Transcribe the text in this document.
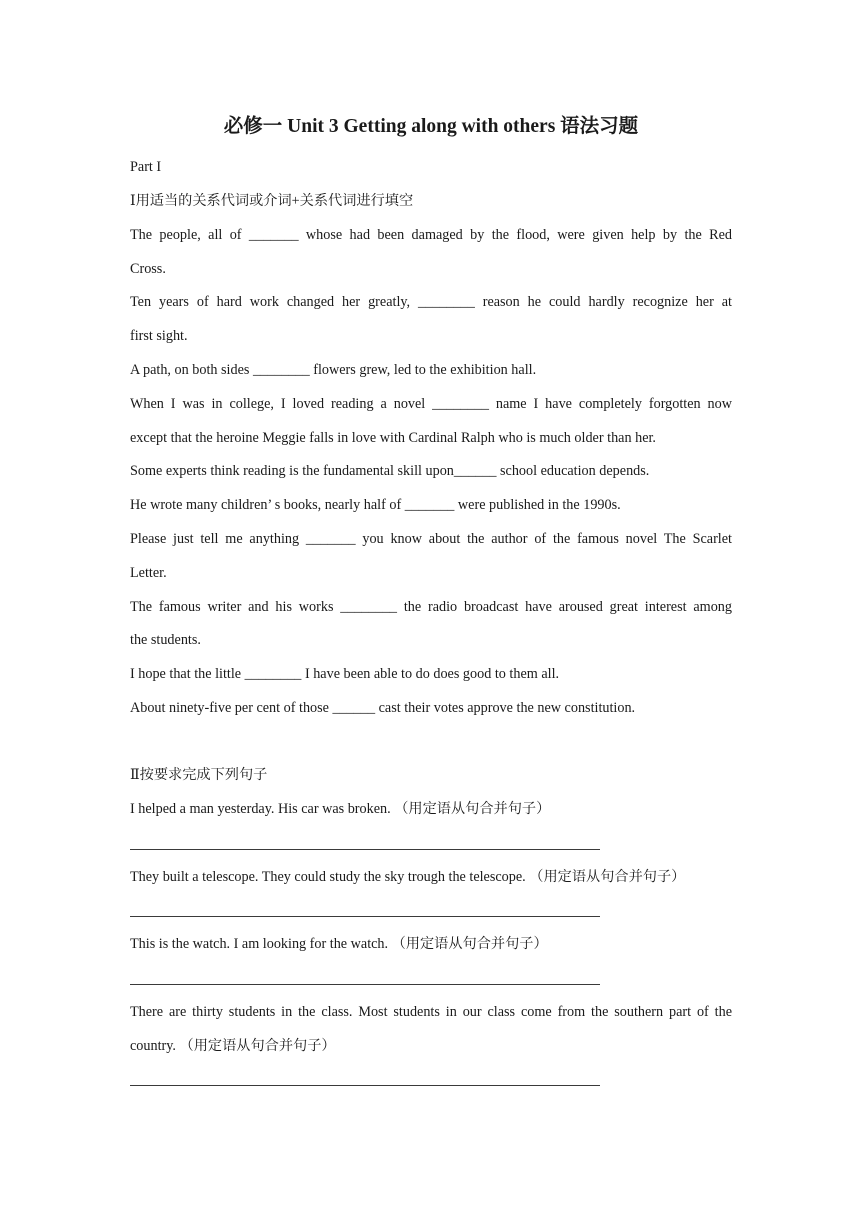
必修一 Unit 3 Getting along with others 语法习题
Part I
Ⅰ用适当的关系代词或介词+关系代词进行填空
The people, all of _______ whose had been damaged by the flood, were given help by the Red
Cross.
Ten years of hard work changed her greatly, ________ reason he could hardly recognize her at
first sight.
A path, on both sides ________ flowers grew, led to the exhibition hall.
When I was in college, I loved reading a novel ________ name I have completely forgotten now
except that the heroine Meggie falls in love with Cardinal Ralph who is much older than her.
Some experts think reading is the fundamental skill upon______ school education depends.
He wrote many children’ s books, nearly half of _______ were published in the 1990s.
Please just tell me anything _______ you know about the author of the famous novel The Scarlet
Letter.
The famous writer and his works ________ the radio broadcast have aroused great interest among
the students.
I hope that the little ________ I have been able to do does good to them all.
About ninety-five per cent of those ______ cast their votes approve the new constitution.
Ⅱ按要求完成下列句子
I helped a man yesterday. His car was broken. （用定语从句合并句子）
They built a telescope. They could study the sky trough the telescope. （用定语从句合并句子）
This is the watch. I am looking for the watch. （用定语从句合并句子）
There are thirty students in the class. Most students in our class come from the southern part of the
country. （用定语从句合并句子）
